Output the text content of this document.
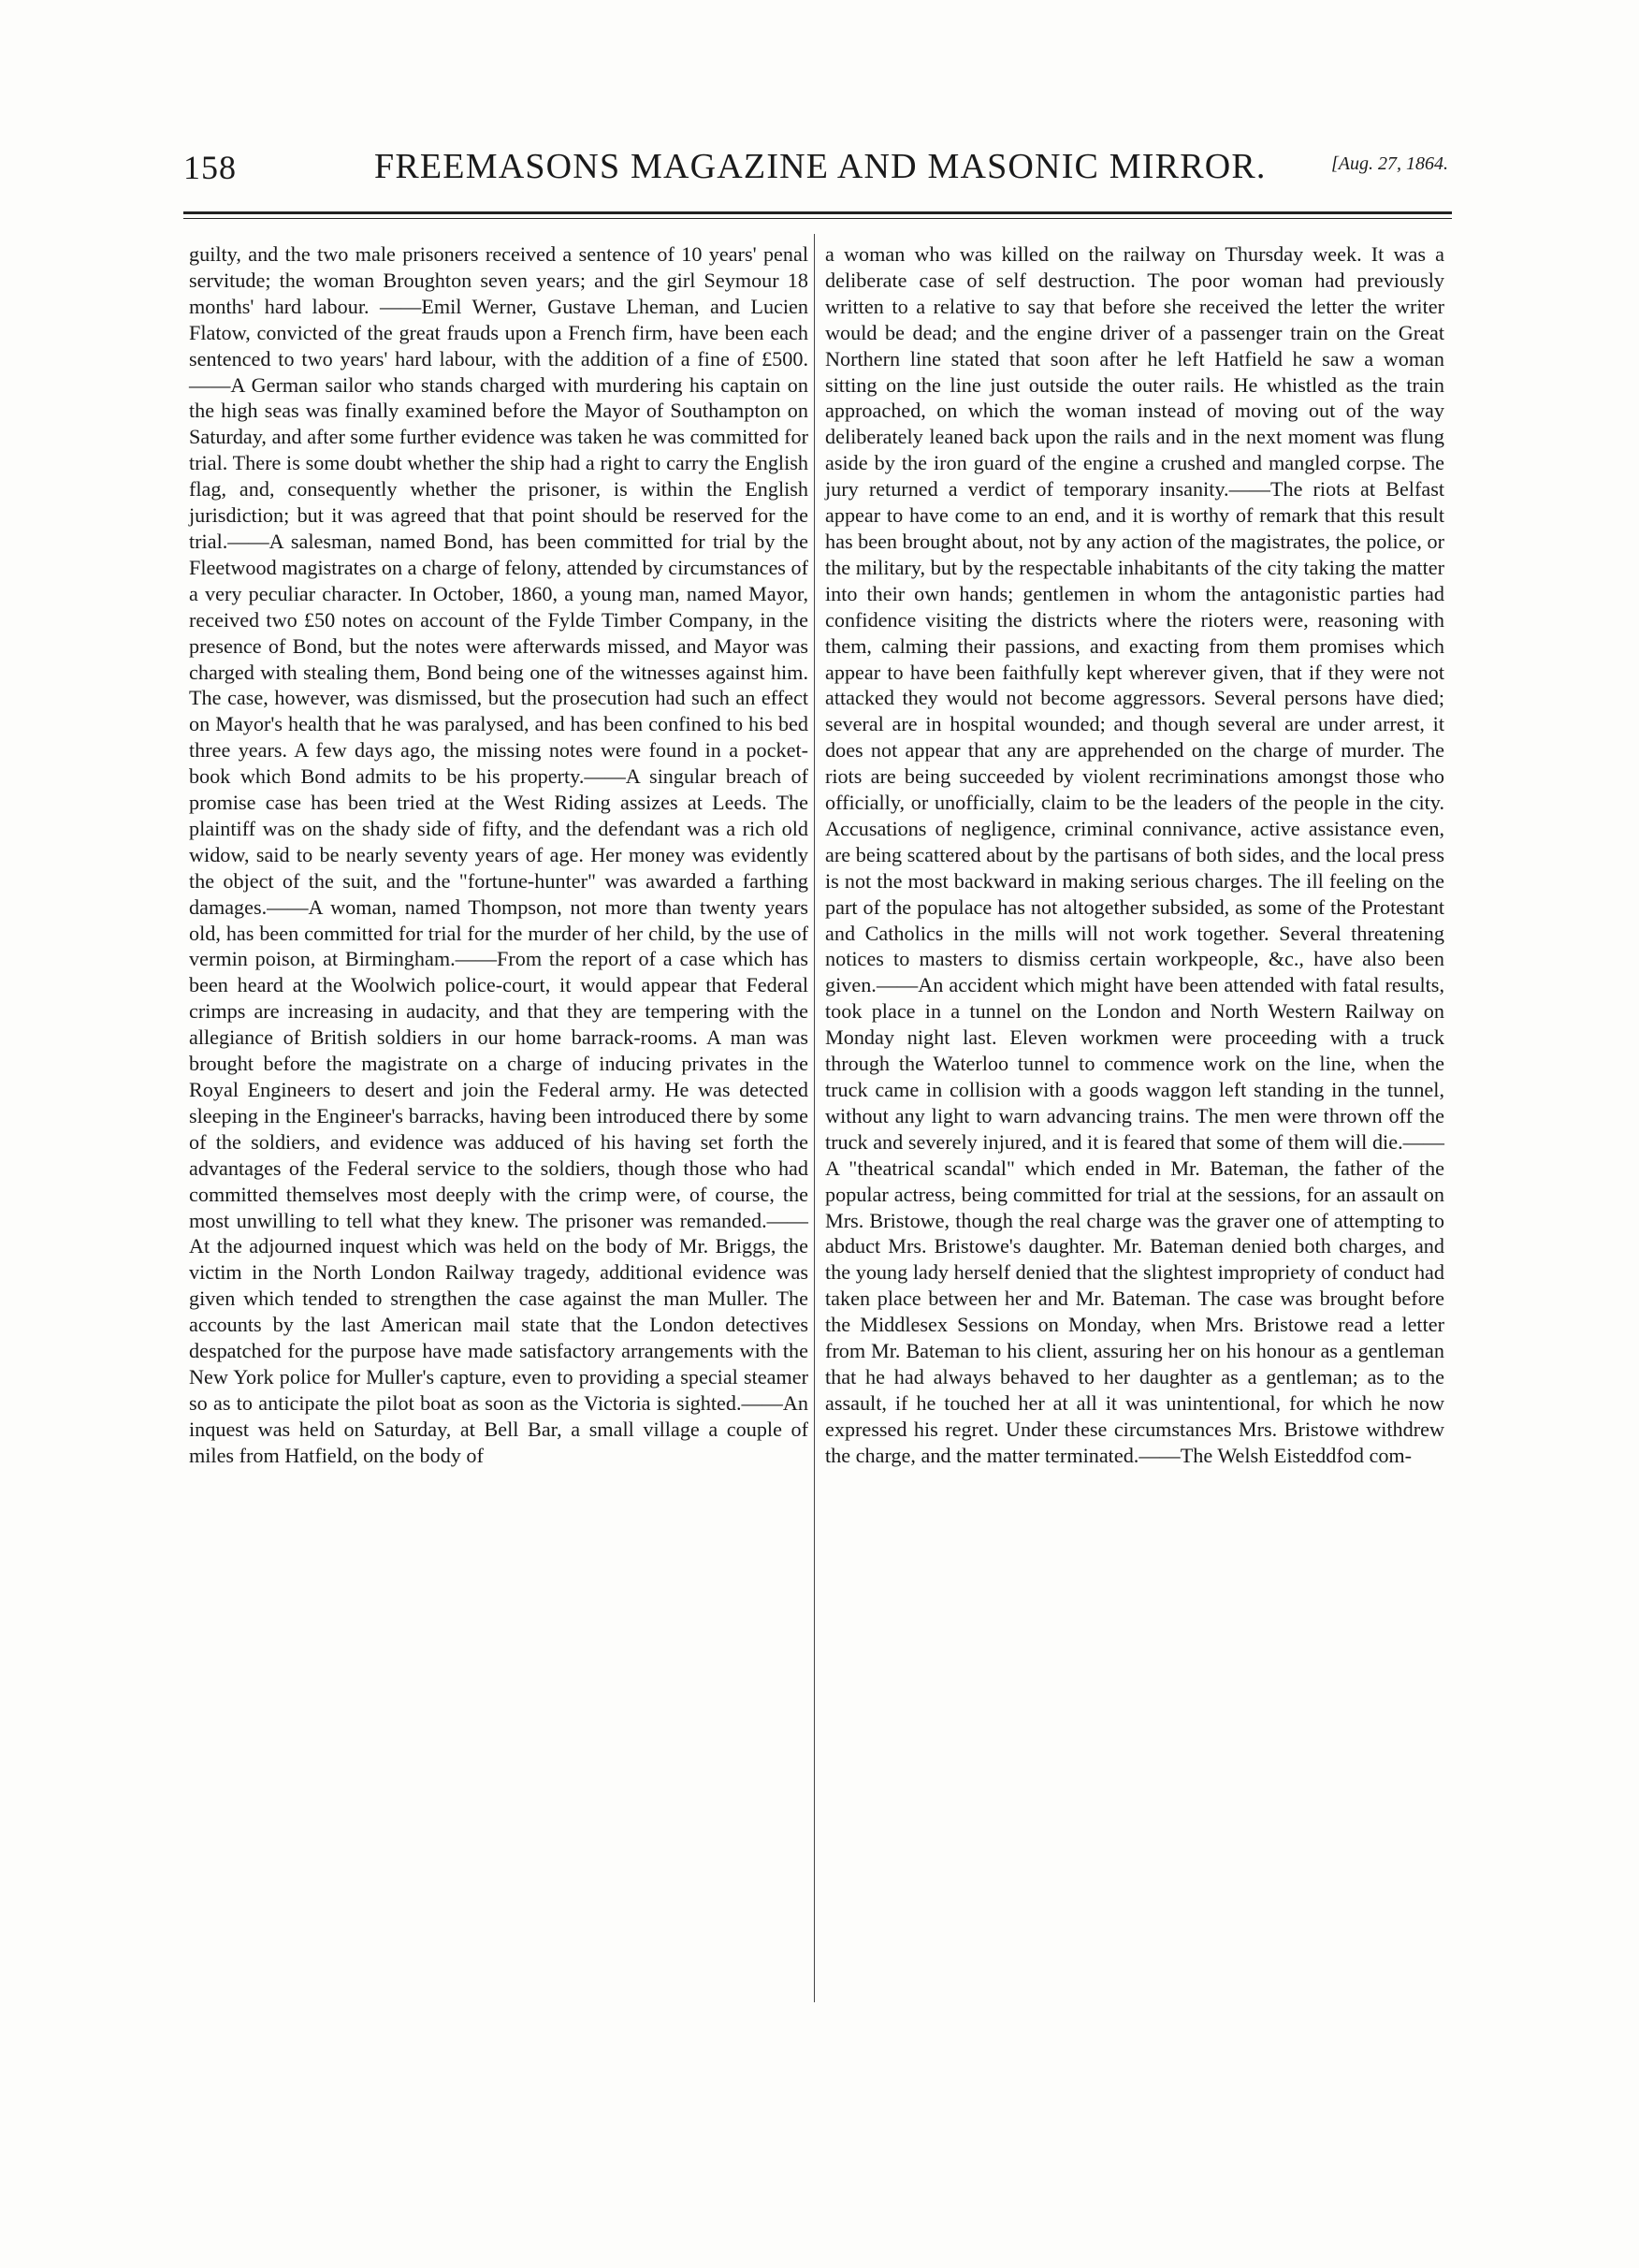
158	FREEMASONS MAGAZINE AND MASONIC MIRROR.	[Aug. 27, 1864.

guilty, and the two male prisoners received a sentence of 10 years' penal servitude; the woman Broughton seven years; and the girl Seymour 18 months' hard labour. ——Emil Werner, Gustave Lheman, and Lucien Flatow, convicted of the great frauds upon a French firm, have been each sentenced to two years' hard labour, with the addition of a fine of £500.——A German sailor who stands charged with murdering his captain on the high seas was finally examined before the Mayor of Southampton on Saturday, and after some further evidence was taken he was committed for trial. There is some doubt whether the ship had a right to carry the English flag, and, consequently whether the prisoner, is within the English jurisdiction; but it was agreed that that point should be reserved for the trial.——A salesman, named Bond, has been committed for trial by the Fleetwood magistrates on a charge of felony, attended by circumstances of a very peculiar character. In October, 1860, a young man, named Mayor, received two £50 notes on account of the Fylde Timber Company, in the presence of Bond, but the notes were afterwards missed, and Mayor was charged with stealing them, Bond being one of the witnesses against him. The case, however, was dismissed, but the prosecution had such an effect on Mayor's health that he was paralysed, and has been confined to his bed three years. A few days ago, the missing notes were found in a pocket-book which Bond admits to be his property.——A singular breach of promise case has been tried at the West Riding assizes at Leeds. The plaintiff was on the shady side of fifty, and the defendant was a rich old widow, said to be nearly seventy years of age. Her money was evidently the object of the suit, and the "fortune-hunter" was awarded a farthing damages.——A woman, named Thompson, not more than twenty years old, has been committed for trial for the murder of her child, by the use of vermin poison, at Birmingham.——From the report of a case which has been heard at the Woolwich police-court, it would appear that Federal crimps are increasing in audacity, and that they are tempering with the allegiance of British soldiers in our home barrack-rooms. A man was brought before the magistrate on a charge of inducing privates in the Royal Engineers to desert and join the Federal army. He was detected sleeping in the Engineer's barracks, having been introduced there by some of the soldiers, and evidence was adduced of his having set forth the advantages of the Federal service to the soldiers, though those who had committed themselves most deeply with the crimp were, of course, the most unwilling to tell what they knew. The prisoner was remanded.——At the adjourned inquest which was held on the body of Mr. Briggs, the victim in the North London Railway tragedy, additional evidence was given which tended to strengthen the case against the man Muller. The accounts by the last American mail state that the London detectives despatched for the purpose have made satisfactory arrangements with the New York police for Muller's capture, even to providing a special steamer so as to anticipate the pilot boat as soon as the Victoria is sighted.——An inquest was held on Saturday, at Bell Bar, a small village a couple of miles from Hatfield, on the body of

a woman who was killed on the railway on Thursday week. It was a deliberate case of self destruction. The poor woman had previously written to a relative to say that before she received the letter the writer would be dead; and the engine driver of a passenger train on the Great Northern line stated that soon after he left Hatfield he saw a woman sitting on the line just outside the outer rails. He whistled as the train approached, on which the woman instead of moving out of the way deliberately leaned back upon the rails and in the next moment was flung aside by the iron guard of the engine a crushed and mangled corpse. The jury returned a verdict of temporary insanity.——The riots at Belfast appear to have come to an end, and it is worthy of remark that this result has been brought about, not by any action of the magistrates, the police, or the military, but by the respectable inhabitants of the city taking the matter into their own hands; gentlemen in whom the antagonistic parties had confidence visiting the districts where the rioters were, reasoning with them, calming their passions, and exacting from them promises which appear to have been faithfully kept wherever given, that if they were not attacked they would not become aggressors. Several persons have died; several are in hospital wounded; and though several are under arrest, it does not appear that any are apprehended on the charge of murder. The riots are being succeeded by violent recriminations amongst those who officially, or unofficially, claim to be the leaders of the people in the city. Accusations of negligence, criminal connivance, active assistance even, are being scattered about by the partisans of both sides, and the local press is not the most backward in making serious charges. The ill feeling on the part of the populace has not altogether subsided, as some of the Protestant and Catholics in the mills will not work together. Several threatening notices to masters to dismiss certain workpeople, &c., have also been given.——An accident which might have been attended with fatal results, took place in a tunnel on the London and North Western Railway on Monday night last. Eleven workmen were proceeding with a truck through the Waterloo tunnel to commence work on the line, when the truck came in collision with a goods waggon left standing in the tunnel, without any light to warn advancing trains. The men were thrown off the truck and severely injured, and it is feared that some of them will die.——A "theatrical scandal" which ended in Mr. Bateman, the father of the popular actress, being committed for trial at the sessions, for an assault on Mrs. Bristowe, though the real charge was the graver one of attempting to abduct Mrs. Bristowe's daughter. Mr. Bateman denied both charges, and the young lady herself denied that the slightest impropriety of conduct had taken place between her and Mr. Bateman. The case was brought before the Middlesex Sessions on Monday, when Mrs. Bristowe read a letter from Mr. Bateman to his client, assuring her on his honour as a gentleman that he had always behaved to her daughter as a gentleman; as to the assault, if he touched her at all it was unintentional, for which he now expressed his regret. Under these circumstances Mrs. Bristowe withdrew the charge, and the matter terminated.——The Welsh Eisteddfod com-
